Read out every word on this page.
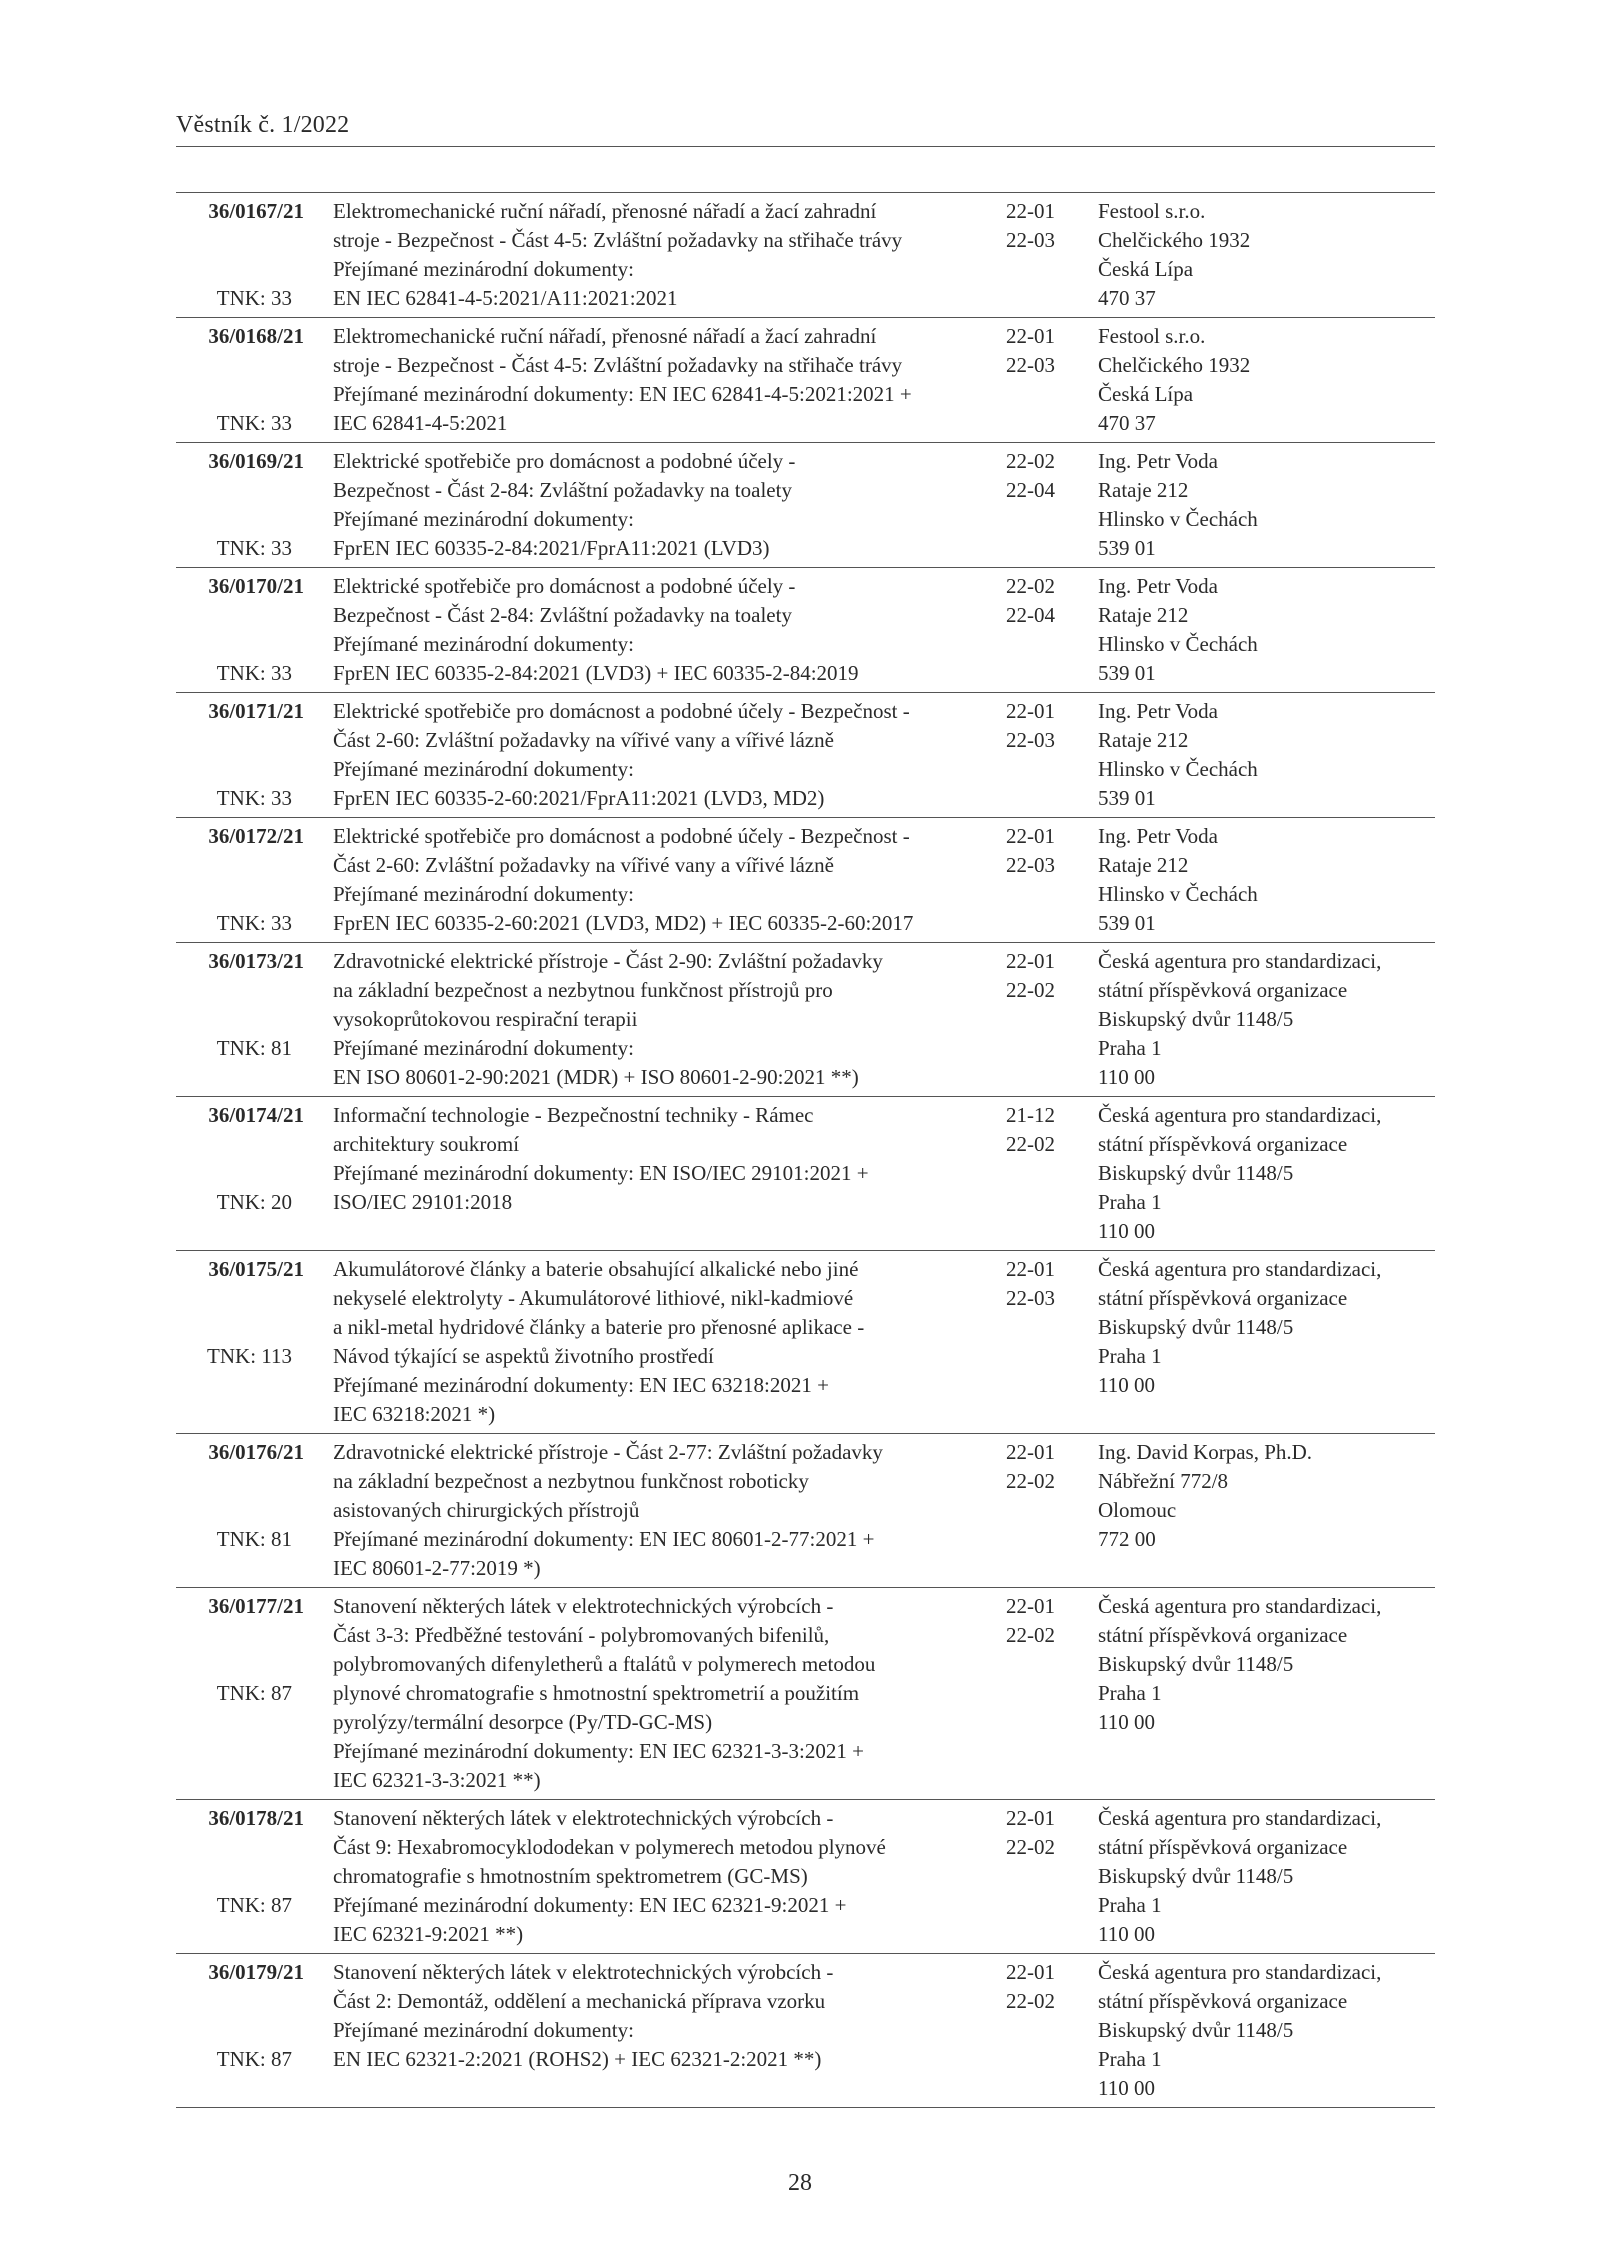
Věstník č. 1/2022
36/0167/21
TNK: 33
Elektromechanické ruční nářadí, přenosné nářadí a žací zahradní
stroje - Bezpečnost - Část 4-5: Zvláštní požadavky na střihače trávy
Přejímané mezinárodní dokumenty:
EN IEC 62841-4-5:2021/A11:2021:2021
22-01
22-03
Festool s.r.o.
Chelčického 1932
Česká Lípa
470 37
36/0168/21
TNK: 33
Elektromechanické ruční nářadí, přenosné nářadí a žací zahradní
stroje - Bezpečnost - Část 4-5: Zvláštní požadavky na střihače trávy
Přejímané mezinárodní dokumenty: EN IEC 62841-4-5:2021:2021 +
IEC 62841-4-5:2021
22-01
22-03
Festool s.r.o.
Chelčického 1932
Česká Lípa
470 37
36/0169/21
TNK: 33
Elektrické spotřebiče pro domácnost a podobné účely -
Bezpečnost - Část 2-84: Zvláštní požadavky na toalety
Přejímané mezinárodní dokumenty:
FprEN IEC 60335-2-84:2021/FprA11:2021 (LVD3)
22-02
22-04
Ing. Petr Voda
Rataje 212
Hlinsko v Čechách
539 01
36/0170/21
TNK: 33
Elektrické spotřebiče pro domácnost a podobné účely -
Bezpečnost - Část 2-84: Zvláštní požadavky na toalety
Přejímané mezinárodní dokumenty:
FprEN IEC 60335-2-84:2021 (LVD3) + IEC 60335-2-84:2019
22-02
22-04
Ing. Petr Voda
Rataje 212
Hlinsko v Čechách
539 01
36/0171/21
TNK: 33
Elektrické spotřebiče pro domácnost a podobné účely - Bezpečnost -
Část 2-60: Zvláštní požadavky na vířivé vany a vířivé lázně
Přejímané mezinárodní dokumenty:
FprEN IEC 60335-2-60:2021/FprA11:2021 (LVD3, MD2)
22-01
22-03
Ing. Petr Voda
Rataje 212
Hlinsko v Čechách
539 01
36/0172/21
TNK: 33
Elektrické spotřebiče pro domácnost a podobné účely - Bezpečnost -
Část 2-60: Zvláštní požadavky na vířivé vany a vířivé lázně
Přejímané mezinárodní dokumenty:
FprEN IEC 60335-2-60:2021 (LVD3, MD2) + IEC 60335-2-60:2017
22-01
22-03
Ing. Petr Voda
Rataje 212
Hlinsko v Čechách
539 01
36/0173/21
TNK: 81
Zdravotnické elektrické přístroje - Část 2-90: Zvláštní požadavky
na základní bezpečnost a nezbytnou funkčnost přístrojů pro
vysokoprůtokovou respirační terapii
Přejímané mezinárodní dokumenty:
EN ISO 80601-2-90:2021 (MDR) + ISO 80601-2-90:2021 **)
22-01
22-02
Česká agentura pro standardizaci,
státní příspěvková organizace
Biskupský dvůr 1148/5
Praha 1
110 00
36/0174/21
TNK: 20
Informační technologie - Bezpečnostní techniky - Rámec
architektury soukromí
Přejímané mezinárodní dokumenty: EN ISO/IEC 29101:2021 +
ISO/IEC 29101:2018
21-12
22-02
Česká agentura pro standardizaci,
státní příspěvková organizace
Biskupský dvůr 1148/5
Praha 1
110 00
36/0175/21
TNK: 113
Akumulátorové články a baterie obsahující alkalické nebo jiné
nekyselé elektrolyty - Akumulátorové lithiové, nikl-kadmiové
a nikl-metal hydridové články a baterie pro přenosné aplikace -
Návod týkající se aspektů životního prostředí
Přejímané mezinárodní dokumenty: EN IEC 63218:2021 +
IEC 63218:2021 *)
22-01
22-03
Česká agentura pro standardizaci,
státní příspěvková organizace
Biskupský dvůr 1148/5
Praha 1
110 00
36/0176/21
TNK: 81
Zdravotnické elektrické přístroje - Část 2-77: Zvláštní požadavky
na základní bezpečnost a nezbytnou funkčnost roboticky
asistovaných chirurgických přístrojů
Přejímané mezinárodní dokumenty: EN IEC 80601-2-77:2021 +
IEC 80601-2-77:2019 *)
22-01
22-02
Ing. David Korpas, Ph.D.
Nábřežní 772/8
Olomouc
772 00
36/0177/21
TNK: 87
Stanovení některých látek v elektrotechnických výrobcích -
Část 3-3: Předběžné testování - polybromovaných bifenilů,
polybromovaných difenyletherů a ftalátů v polymerech metodou
plynové chromatografie s hmotnostní spektrometrií a použitím
pyrolýzy/termální desorpce (Py/TD-GC-MS)
Přejímané mezinárodní dokumenty: EN IEC 62321-3-3:2021 +
IEC 62321-3-3:2021 **)
22-01
22-02
Česká agentura pro standardizaci,
státní příspěvková organizace
Biskupský dvůr 1148/5
Praha 1
110 00
36/0178/21
TNK: 87
Stanovení některých látek v elektrotechnických výrobcích -
Část 9: Hexabromocyklododekan v polymerech metodou plynové
chromatografie s hmotnostním spektrometrem (GC-MS)
Přejímané mezinárodní dokumenty: EN IEC 62321-9:2021 +
IEC 62321-9:2021 **)
22-01
22-02
Česká agentura pro standardizaci,
státní příspěvková organizace
Biskupský dvůr 1148/5
Praha 1
110 00
36/0179/21
TNK: 87
Stanovení některých látek v elektrotechnických výrobcích -
Část 2: Demontáž, oddělení a mechanická příprava vzorku
Přejímané mezinárodní dokumenty:
EN IEC 62321-2:2021 (ROHS2) + IEC 62321-2:2021 **)
22-01
22-02
Česká agentura pro standardizaci,
státní příspěvková organizace
Biskupský dvůr 1148/5
Praha 1
110 00
28
